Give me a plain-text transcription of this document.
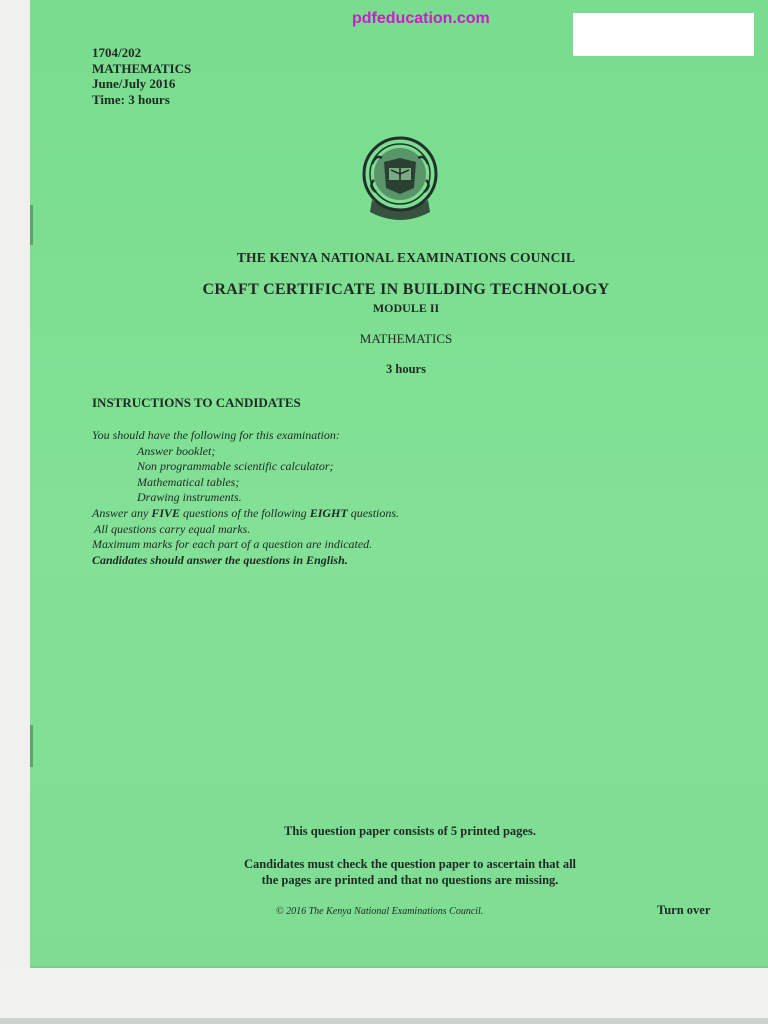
pdfeducation.com
1704/202
MATHEMATICS
June/July 2016
Time: 3 hours
THE KENYA NATIONAL EXAMINATIONS COUNCIL
CRAFT CERTIFICATE IN BUILDING TECHNOLOGY
MODULE II
MATHEMATICS
3 hours
INSTRUCTIONS TO CANDIDATES
You should have the following for this examination:
Answer booklet;
Non programmable scientific calculator;
Mathematical tables;
Drawing instruments.
Answer any FIVE questions of the following EIGHT questions.
All questions carry equal marks.
Maximum marks for each part of a question are indicated.
Candidates should answer the questions in English.
This question paper consists of 5 printed pages.
Candidates must check the question paper to ascertain that all
the pages are printed and that no questions are missing.
© 2016 The Kenya National Examinations Council.	Turn over
